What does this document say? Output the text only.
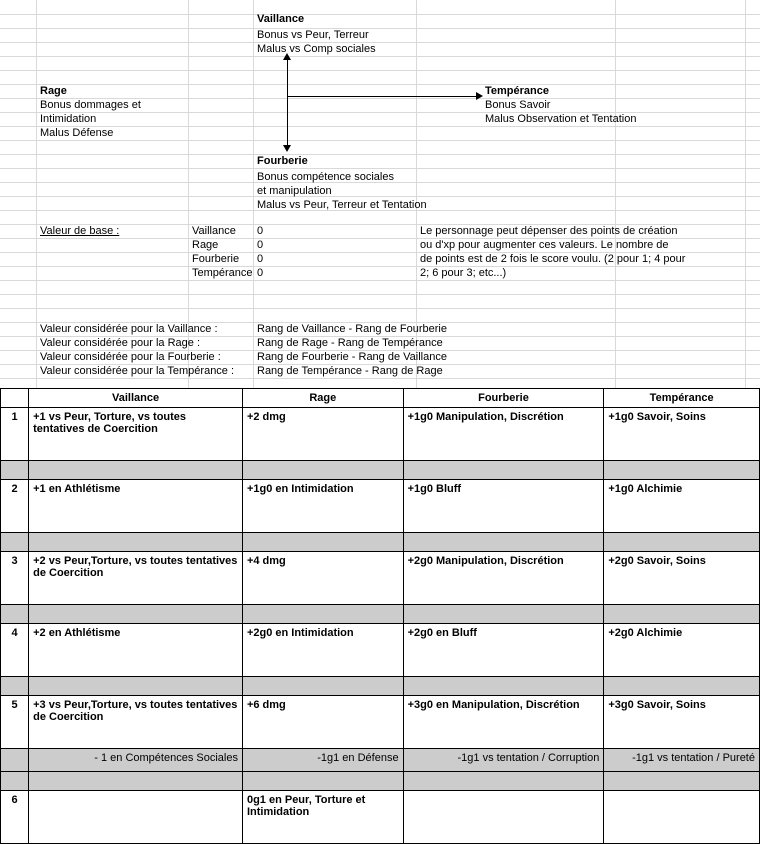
Vaillance
Bonus vs Peur, Terreur
Malus vs Comp sociales
Rage
Bonus dommages et
Intimidation
Malus Défense
Tempérance
Bonus Savoir
Malus Observation et Tentation
Fourberie
Bonus compétence sociales
et manipulation
Malus vs Peur, Terreur et Tentation
Valeur de base :	Vaillance 0
Rage	0
Fourberie 0
Tempérance 0
Le personnage peut dépenser des points de création
ou d'xp pour augmenter ces valeurs. Le nombre de
de points est de 2 fois le score voulu. (2 pour 1; 4 pour
2; 6 pour 3; etc...)
Valeur considérée pour la Vaillance :	Rang de Vaillance - Rang de Fourberie
Valeur considérée pour la Rage :	Rang de Rage - Rang de Tempérance
Valeur considérée pour la Fourberie :	Rang de Fourberie - Rang de Vaillance
Valeur considérée pour la Tempérance : Rang de Tempérance - Rang de Rage
	Vaillance	Rage	Fourberie	Tempérance
1	+1 vs Peur, Torture, vs toutes tentatives de Coercition	+2 dmg	+1g0 Manipulation, Discrétion	+1g0 Savoir, Soins

2	+1 en Athlétisme	+1g0 en Intimidation	+1g0 Bluff	+1g0 Alchimie

3	+2 vs Peur,Torture, vs toutes tentatives de Coercition	+4 dmg	+2g0 Manipulation, Discrétion	+2g0 Savoir, Soins

4	+2 en Athlétisme	+2g0 en Intimidation	+2g0 en Bluff	+2g0 Alchimie

5	+3 vs Peur,Torture, vs toutes tentatives de Coercition	+6 dmg	+3g0 en Manipulation, Discrétion	+3g0 Savoir, Soins
	- 1 en Compétences Sociales	-1g1 en Défense	-1g1 vs tentation / Corruption	-1g1 vs tentation / Pureté

6		0g1 en Peur, Torture et Intimidation		
